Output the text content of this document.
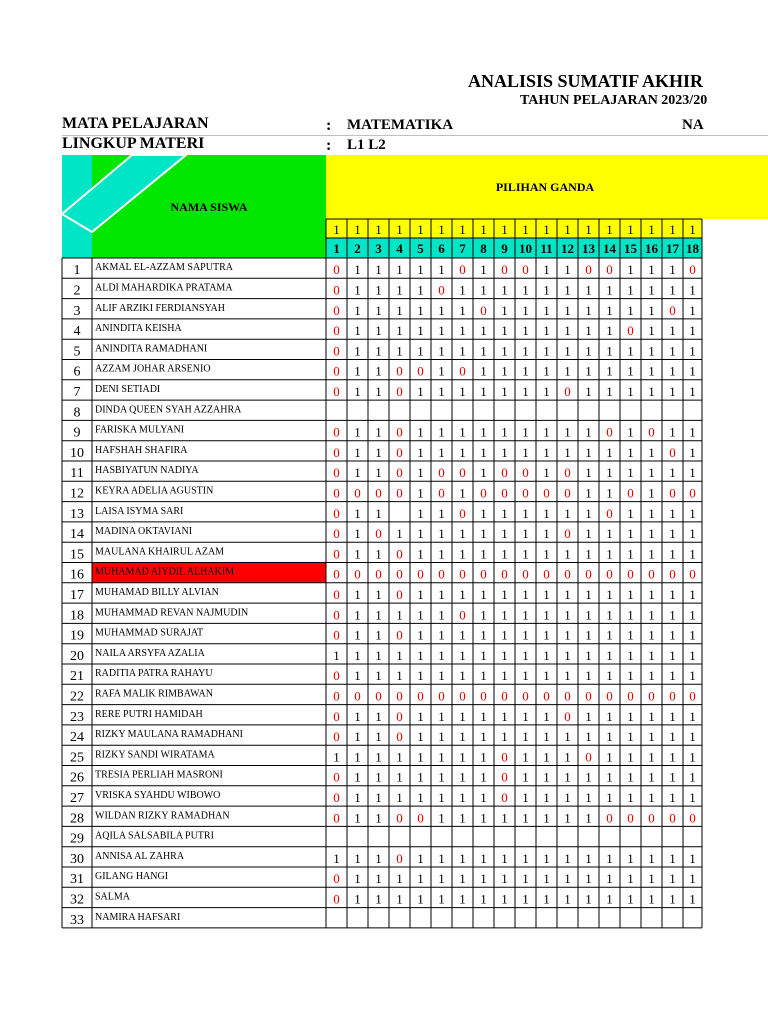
ANALISIS SUMATIF AKHIR
TAHUN PELAJARAN 2023/20
MATA PELAJARAN	: MATEMATIKA	NA
LINGKUP MATERI	: L1 L2
NAMA SISWA
PILIHAN GANDA
1 1 1 1 1 1 1 1 1 1 1 1 1 1 1 1 1 1
1 2 3 4 5 6 7 8 9 10 11 12 13 14 15 16 17 18
1 AKMAL EL-AZZAM SAPUTRA	0 1 1 1 1 1 0 1 0 0 1 1 0 0 1 1 1 0
2 ALDI MAHARDIKA PRATAMA	0 1 1 1 1 0 1 1 1 1 1 1 1 1 1 1 1 1
3 ALIF ARZIKI FERDIANSYAH	0 1 1 1 1 1 1 0 1 1 1 1 1 1 1 1 0 1
4 ANINDITA KEISHA	0 1 1 1 1 1 1 1 1 1 1 1 1 1 0 1 1 1
5 ANINDITA RAMADHANI	0 1 1 1 1 1 1 1 1 1 1 1 1 1 1 1 1 1
6 AZZAM JOHAR ARSENIO	0 1 1 0 0 1 0 1 1 1 1 1 1 1 1 1 1 1
7 DENI SETIADI	0 1 1 0 1 1 1 1 1 1 1 0 1 1 1 1 1 1
8 DINDA QUEEN SYAH AZZAHRA
9 FARISKA MULYANI	0 1 1 0 1 1 1 1 1 1 1 1 1 0 1 0 1 1
10 HAFSHAH SHAFIRA	0 1 1 0 1 1 1 1 1 1 1 1 1 1 1 1 0 1
11 HASBIYATUN NADIYA	0 1 1 0 1 0 0 1 0 0 1 0 1 1 1 1 1 1
12 KEYRA ADELIA AGUSTIN	0 0 0 0 1 0 1 0 0 0 0 0 1 1 0 1 0 0
13 LAISA ISYMA SARI	0 1 1	1 1 0 1 1 1 1 1 1 0 1 1 1 1
14 MADINA OKTAVIANI	0 1 0 1 1 1 1 1 1 1 1 0 1 1 1 1 1 1
15 MAULANA KHAIRUL AZAM	0 1 1 0 1 1 1 1 1 1 1 1 1 1 1 1 1 1
16 MUHAMAD AIYDIL ALHAKIM	0 0 0 0 0 0 0 0 0 0 0 0 0 0 0 0 0 0
17 MUHAMAD BILLY ALVIAN	0 1 1 0 1 1 1 1 1 1 1 1 1 1 1 1 1 1
18 MUHAMMAD REVAN NAJMUDIN	0 1 1 1 1 1 0 1 1 1 1 1 1 1 1 1 1 1
19 MUHAMMAD SURAJAT	0 1 1 0 1 1 1 1 1 1 1 1 1 1 1 1 1 1
20 NAILA ARSYFA AZALIA	1 1 1 1 1 1 1 1 1 1 1 1 1 1 1 1 1 1
21 RADITIA PATRA RAHAYU	0 1 1 1 1 1 1 1 1 1 1 1 1 1 1 1 1 1
22 RAFA MALIK RIMBAWAN	0 0 0 0 0 0 0 0 0 0 0 0 0 0 0 0 0 0
23 RERE PUTRI HAMIDAH	0 1 1 0 1 1 1 1 1 1 1 0 1 1 1 1 1 1
24 RIZKY MAULANA RAMADHANI	0 1 1 0 1 1 1 1 1 1 1 1 1 1 1 1 1 1
25 RIZKY SANDI WIRATAMA	1 1 1 1 1 1 1 1 0 1 1 1 0 1 1 1 1 1
26 TRESIA PERLIAH MASRONI	0 1 1 1 1 1 1 1 0 1 1 1 1 1 1 1 1 1
27 VRISKA SYAHDU WIBOWO	0 1 1 1 1 1 1 1 0 1 1 1 1 1 1 1 1 1
28 WILDAN RIZKY RAMADHAN	0 1 1 0 0 1 1 1 1 1 1 1 1 0 0 0 0 0
29 AQILA SALSABILA PUTRI
30 ANNISA AL ZAHRA	1 1 1 0 1 1 1 1 1 1 1 1 1 1 1 1 1 1
31 GILANG HANGI	0 1 1 1 1 1 1 1 1 1 1 1 1 1 1 1 1 1
32 SALMA	0 1 1 1 1 1 1 1 1 1 1 1 1 1 1 1 1 1
33 NAMIRA HAFSARI
